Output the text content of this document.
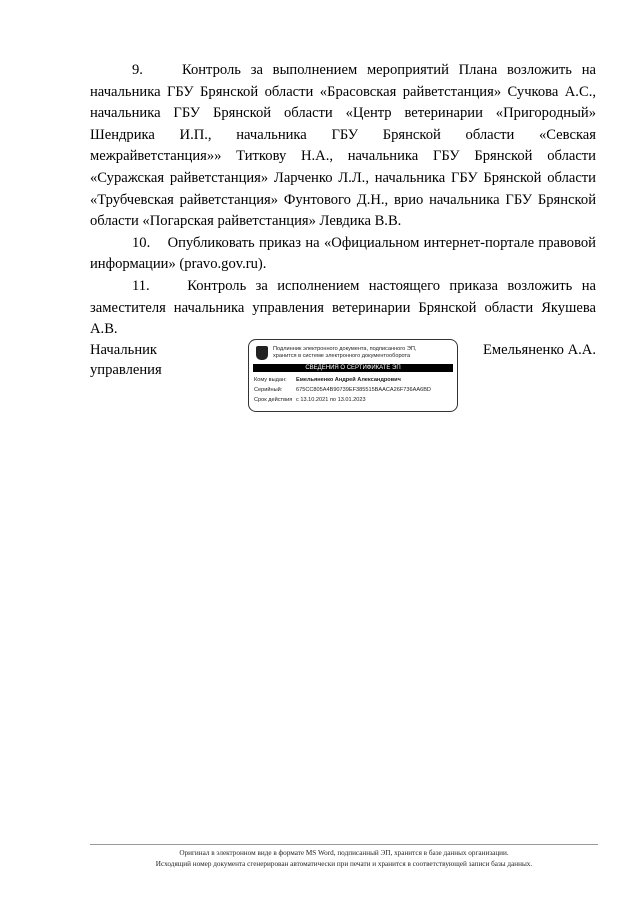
9.    Контроль за выполнением мероприятий Плана возложить на начальника ГБУ Брянской области «Брасовская райветстанция» Сучкова А.С., начальника ГБУ Брянской области «Центр ветеринарии «Пригородный» Шендрика И.П., начальника ГБУ Брянской области «Севская межрайветстанция»» Титкову Н.А., начальника ГБУ Брянской области «Суражская райветстанция» Ларченко Л.Л., начальника ГБУ Брянской области «Трубчевская райветстанция» Фунтового Д.Н., врио начальника ГБУ Брянской области «Погарская райветстанция» Левдика В.В.

10.    Опубликовать приказ на «Официальном интернет-портале правовой информации» (pravo.gov.ru).

11.    Контроль за исполнением настоящего приказа возложить на заместителя начальника управления ветеринарии Брянской области Якушева А.В.

Начальник
управления
Емельяненко А.А.
Подлинник электронного документа, подписанного ЭП,
хранится в системе электронного документооборота
СВЕДЕНИЯ О СЕРТИФИКАТЕ ЭП
Кому выдан: Емельяненко Андрей Александрович
Серийный: 675CC805A4B90739EF385515BAACA26F736AA6BD
Срок действия с 13.10.2021 по 13.01.2023
Оригинал в электронном виде в формате MS Word, подписанный ЭП, хранится в базе данных организации.
Исходящий номер документа сгенерирован автоматически при печати и хранится в соответствующей записи базы данных.
